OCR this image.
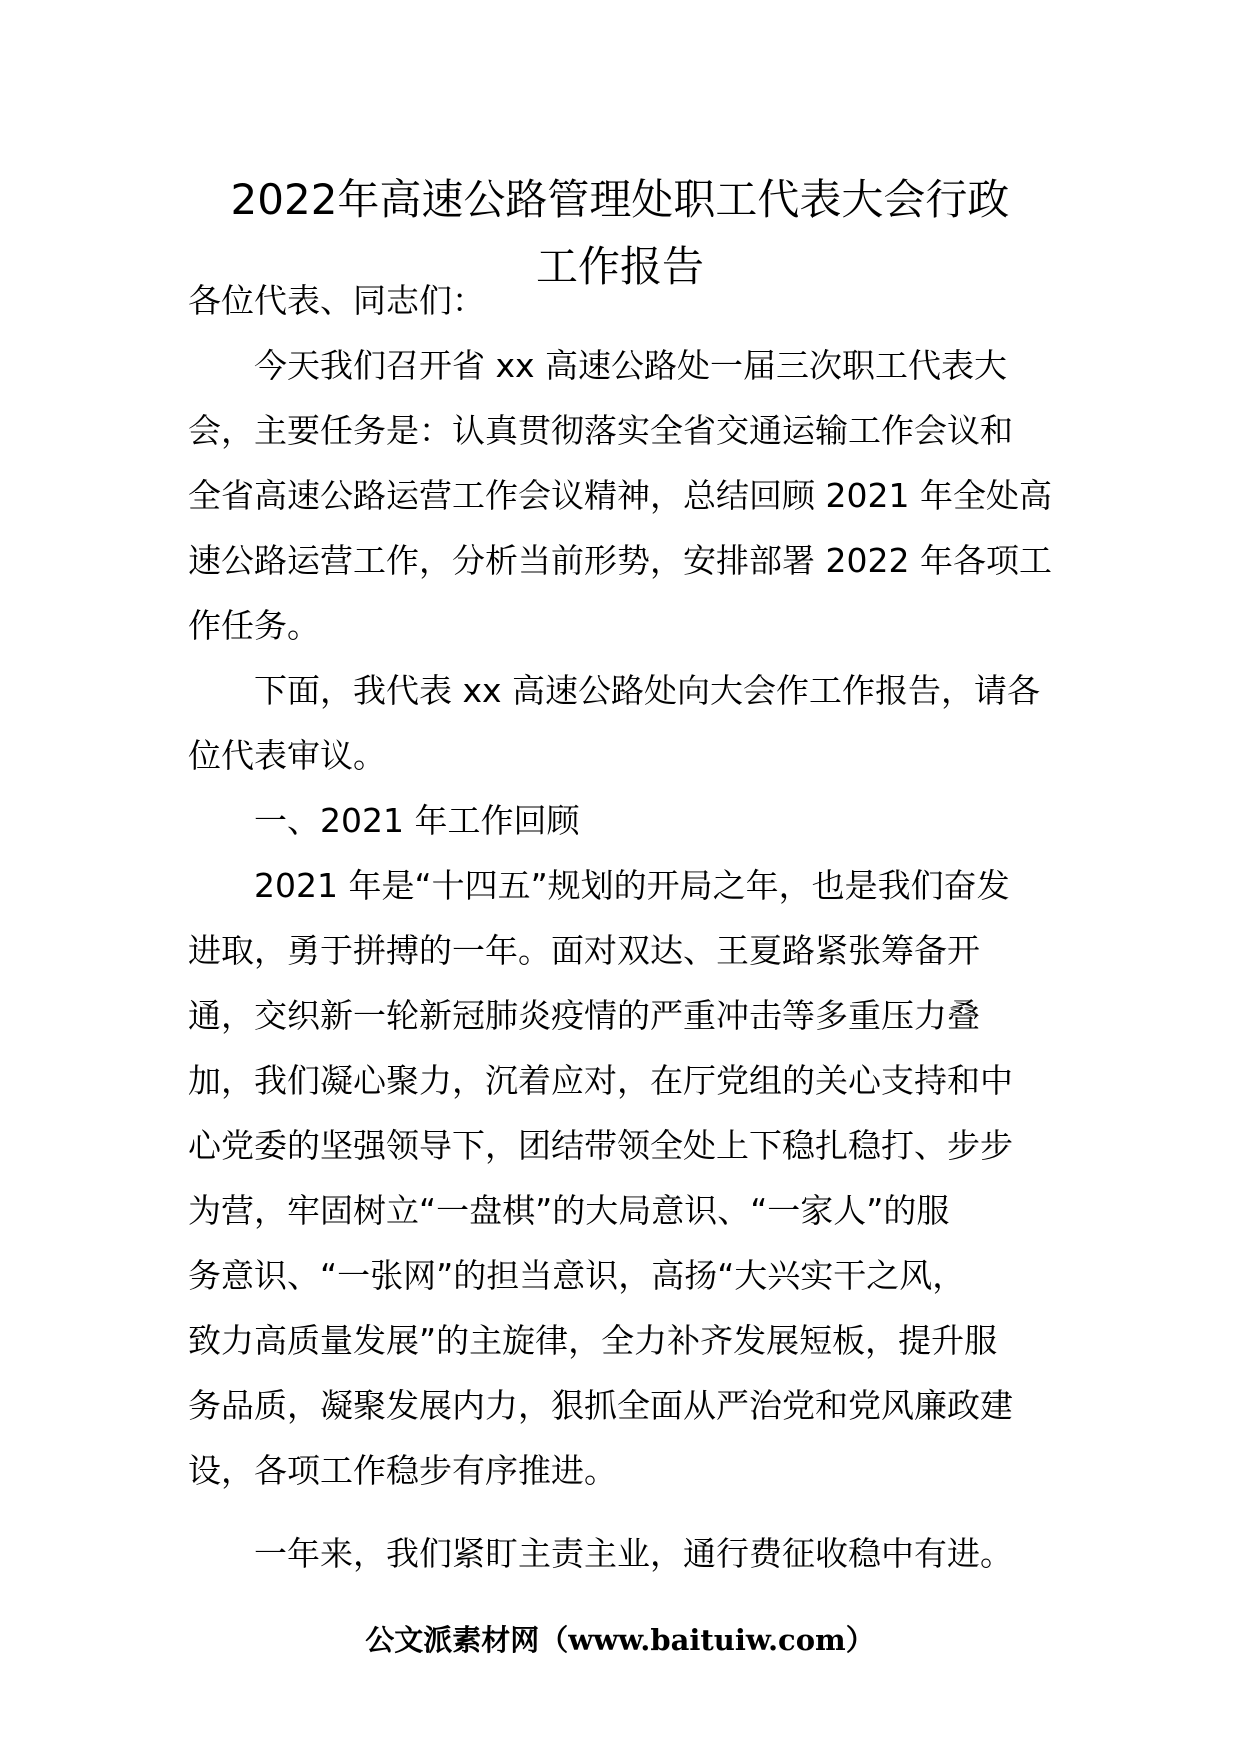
2022年高速公路管理处职工代表大会行政
工作报告
各位代表、同志们：
　　今天我们召开省 xx 高速公路处一届三次职工代表大
会，主要任务是：认真贯彻落实全省交通运输工作会议和
全省高速公路运营工作会议精神，总结回顾 2021 年全处高
速公路运营工作，分析当前形势，安排部署 2022 年各项工
作任务。
　　下面，我代表 xx 高速公路处向大会作工作报告，请各
位代表审议。
　　一、2021 年工作回顾
　　2021 年是“十四五”规划的开局之年，也是我们奋发
进取，勇于拼搏的一年。面对双达、王夏路紧张筹备开
通，交织新一轮新冠肺炎疫情的严重冲击等多重压力叠
加，我们凝心聚力，沉着应对，在厅党组的关心支持和中
心党委的坚强领导下，团结带领全处上下稳扎稳打、步步
为营，牢固树立“一盘棋”的大局意识、“一家人”的服
务意识、“一张网”的担当意识，高扬“大兴实干之风，
致力高质量发展”的主旋律，全力补齐发展短板，提升服
务品质，凝聚发展内力，狠抓全面从严治党和党风廉政建
设，各项工作稳步有序推进。
　　一年来，我们紧盯主责主业，通行费征收稳中有进。
公文派素材网（www.baituiw.com）
